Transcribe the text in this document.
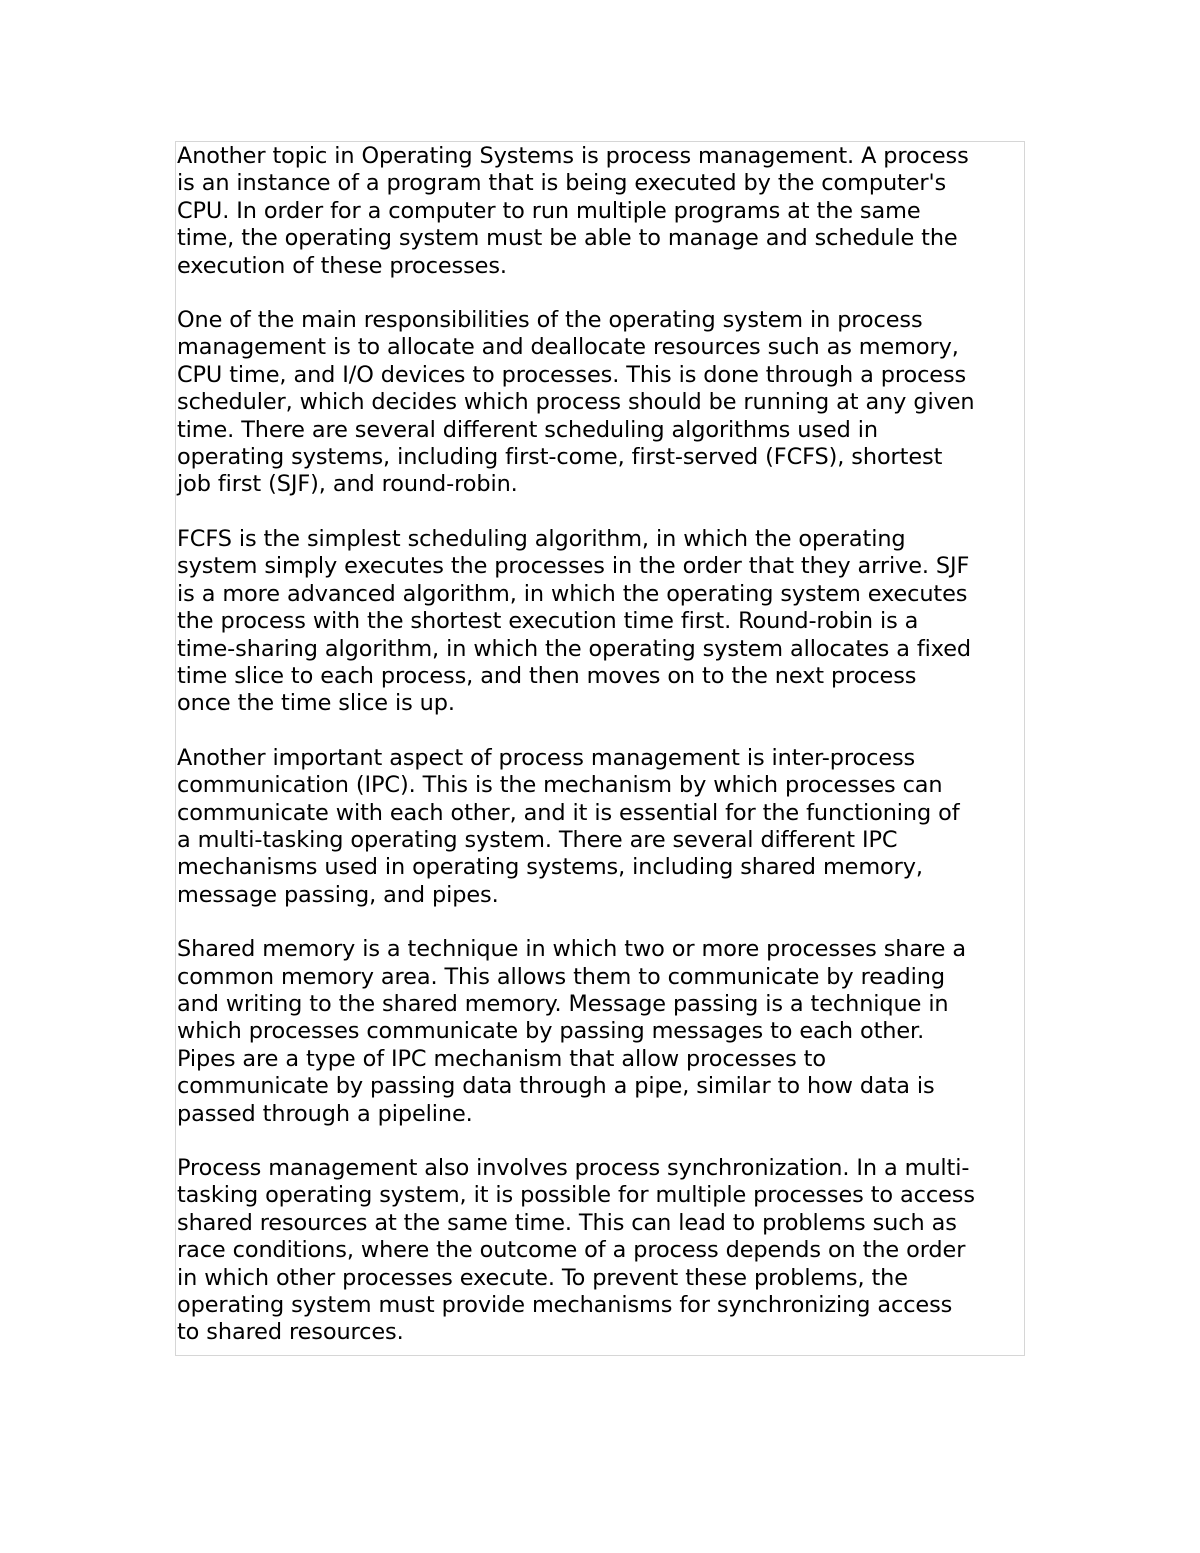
Another topic in Operating Systems is process management. A process
is an instance of a program that is being executed by the computer's
CPU. In order for a computer to run multiple programs at the same
time, the operating system must be able to manage and schedule the
execution of these processes.

One of the main responsibilities of the operating system in process
management is to allocate and deallocate resources such as memory,
CPU time, and I/O devices to processes. This is done through a process
scheduler, which decides which process should be running at any given
time. There are several different scheduling algorithms used in
operating systems, including first-come, first-served (FCFS), shortest
job first (SJF), and round-robin.

FCFS is the simplest scheduling algorithm, in which the operating
system simply executes the processes in the order that they arrive. SJF
is a more advanced algorithm, in which the operating system executes
the process with the shortest execution time first. Round-robin is a
time-sharing algorithm, in which the operating system allocates a fixed
time slice to each process, and then moves on to the next process
once the time slice is up.

Another important aspect of process management is inter-process
communication (IPC). This is the mechanism by which processes can
communicate with each other, and it is essential for the functioning of
a multi-tasking operating system. There are several different IPC
mechanisms used in operating systems, including shared memory,
message passing, and pipes.

Shared memory is a technique in which two or more processes share a
common memory area. This allows them to communicate by reading
and writing to the shared memory. Message passing is a technique in
which processes communicate by passing messages to each other.
Pipes are a type of IPC mechanism that allow processes to
communicate by passing data through a pipe, similar to how data is
passed through a pipeline.

Process management also involves process synchronization. In a multi-
tasking operating system, it is possible for multiple processes to access
shared resources at the same time. This can lead to problems such as
race conditions, where the outcome of a process depends on the order
in which other processes execute. To prevent these problems, the
operating system must provide mechanisms for synchronizing access
to shared resources.
